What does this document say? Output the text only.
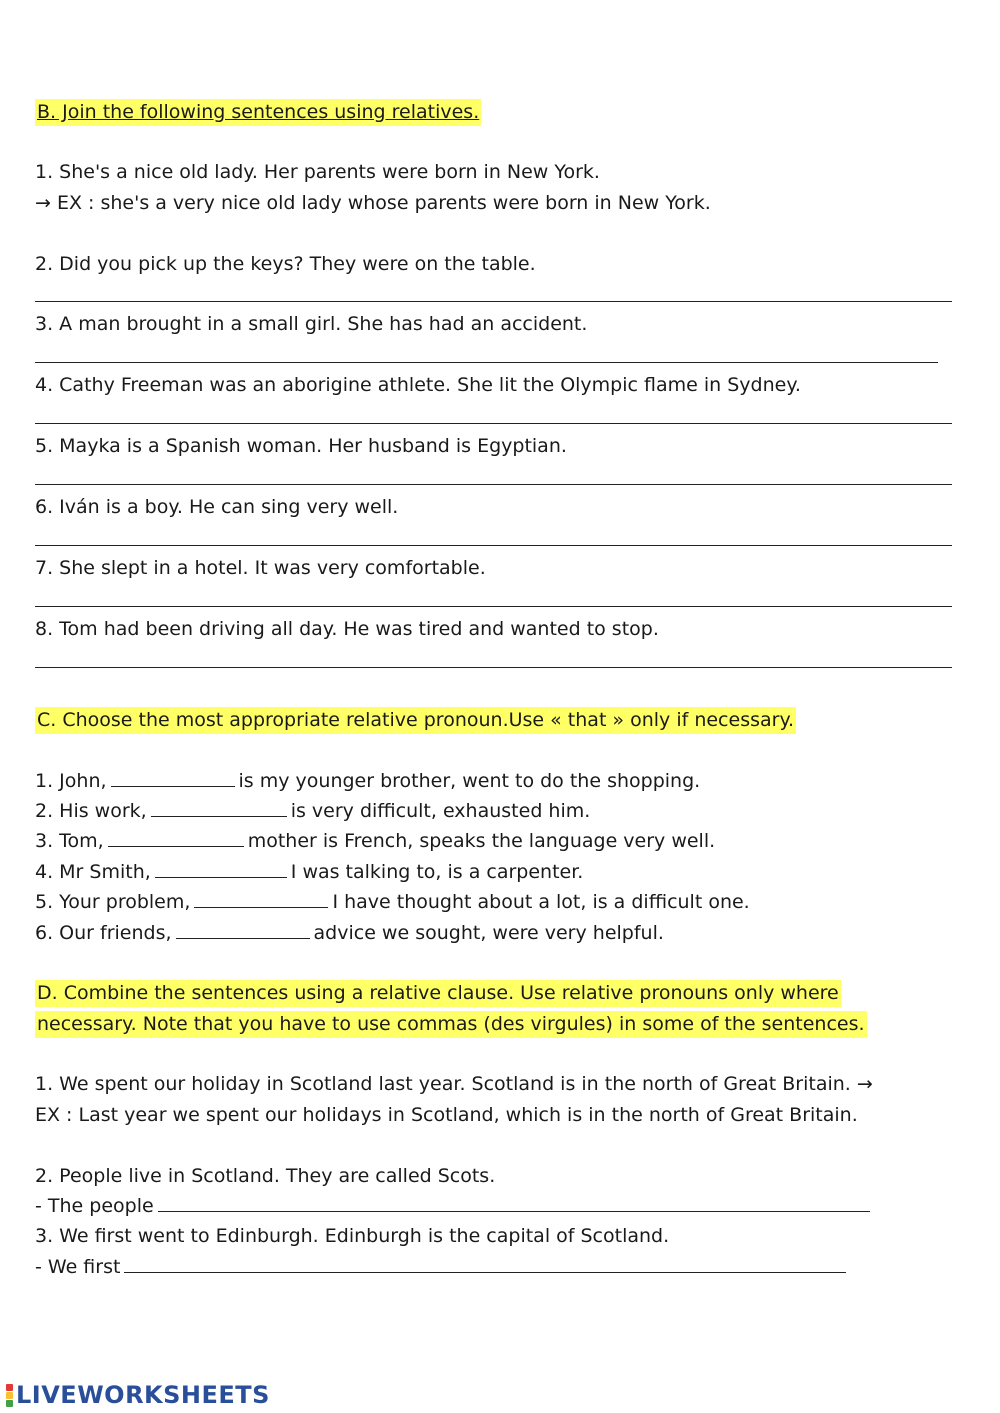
B. Join the following sentences using relatives.
1. She's a nice old lady. Her parents were born in New York.
→ EX : she's a very nice old lady whose parents were born in New York.
2. Did you pick up the keys? They were on the table.
3. A man brought in a small girl. She has had an accident.
4. Cathy Freeman was an aborigine athlete. She lit the Olympic flame in Sydney.
5. Mayka is a Spanish woman. Her husband is Egyptian.
6. Iván is a boy. He can sing very well.
7. She slept in a hotel. It was very comfortable.
8. Tom had been driving all day. He was tired and wanted to stop.
C. Choose the most appropriate relative pronoun.Use « that » only if necessary.
1. John,	is my younger brother, went to do the shopping.
2. His work,	is very difficult, exhausted him.
3. Tom,	mother is French, speaks the language very well.
4. Mr Smith,	I was talking to, is a carpenter.
5. Your problem,	I have thought about a lot, is a difficult one.
6. Our friends,	advice we sought, were very helpful.
D. Combine the sentences using a relative clause. Use relative pronouns only where
necessary. Note that you have to use commas (des virgules) in some of the sentences.
1. We spent our holiday in Scotland last year. Scotland is in the north of Great Britain. →
EX : Last year we spent our holidays in Scotland, which is in the north of Great Britain.
2. People live in Scotland. They are called Scots.
- The people
3. We first went to Edinburgh. Edinburgh is the capital of Scotland.
- We first
LIVEWORKSHEETS
